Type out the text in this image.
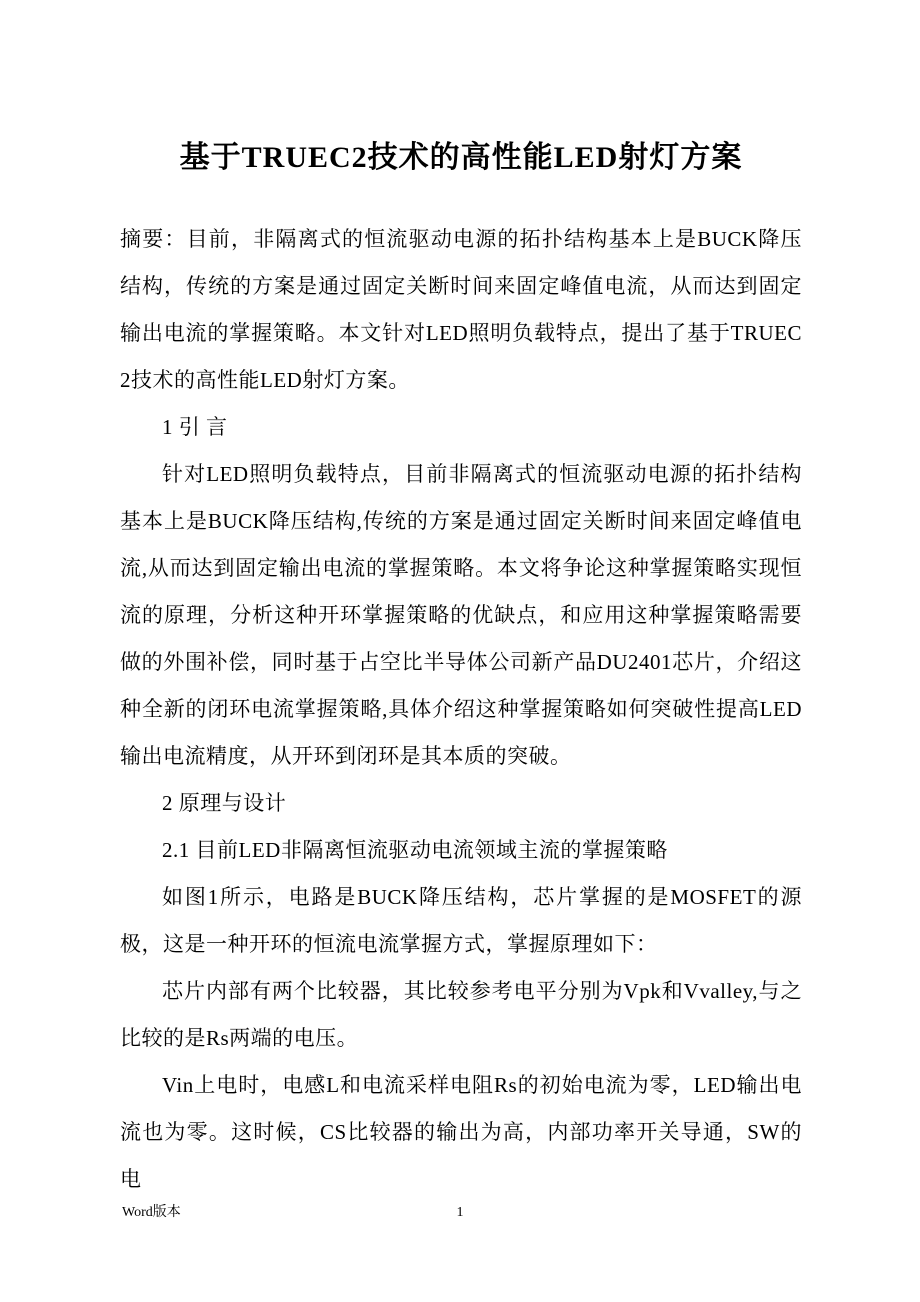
基于TRUEC2技术的高性能LED射灯方案

摘要：目前，非隔离式的恒流驱动电源的拓扑结构基本上是BUCK降压结构，传统的方案是通过固定关断时间来固定峰值电流，从而达到固定输出电流的掌握策略。本文针对LED照明负载特点，提出了基于TRUEC2技术的高性能LED射灯方案。

1 引 言

针对LED照明负载特点，目前非隔离式的恒流驱动电源的拓扑结构基本上是BUCK降压结构,传统的方案是通过固定关断时间来固定峰值电流,从而达到固定输出电流的掌握策略。本文将争论这种掌握策略实现恒流的原理，分析这种开环掌握策略的优缺点，和应用这种掌握策略需要做的外围补偿，同时基于占空比半导体公司新产品DU2401芯片，介绍这种全新的闭环电流掌握策略,具体介绍这种掌握策略如何突破性提高LED输出电流精度，从开环到闭环是其本质的突破。

2 原理与设计

2.1 目前LED非隔离恒流驱动电流领域主流的掌握策略

如图1所示，电路是BUCK降压结构，芯片掌握的是MOSFET的源极，这是一种开环的恒流电流掌握方式，掌握原理如下：

芯片内部有两个比较器，其比较参考电平分别为Vpk和Vvalley,与之比较的是Rs两端的电压。

Vin上电时，电感L和电流采样电阻Rs的初始电流为零，LED输出电流也为零。这时候，CS比较器的输出为高，内部功率开关导通，SW的电

Word版本	1
